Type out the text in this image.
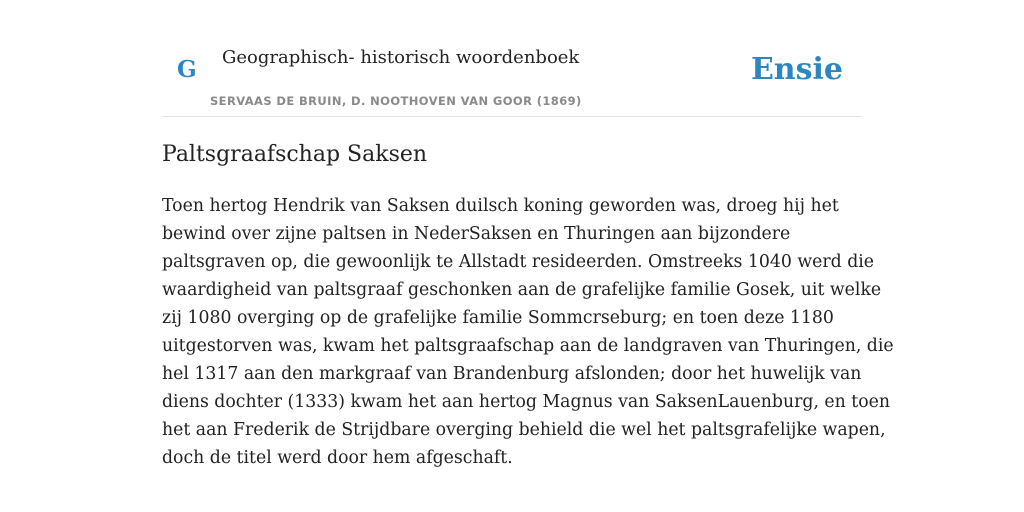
G Geographisch- historisch woordenboek
SERVAAS DE BRUIN, D. NOOTHOVEN VAN GOOR (1869)
Ensie
Paltsgraafschap Saksen
Toen hertog Hendrik van Saksen duilsch koning geworden was, droeg hij het
bewind over zijne paltsen in NederSaksen en Thuringen aan bijzondere
paltsgraven op, die gewoonlijk te Allstadt resideerden. Omstreeks 1040 werd die
waardigheid van paltsgraaf geschonken aan de grafelijke familie Gosek, uit welke
zij 1080 overging op de grafelijke familie Sommcrseburg; en toen deze 1180
uitgestorven was, kwam het paltsgraafschap aan de landgraven van Thuringen, die
hel 1317 aan den markgraaf van Brandenburg afslonden; door het huwelijk van
diens dochter (1333) kwam het aan hertog Magnus van SaksenLauenburg, en toen
het aan Frederik de Strijdbare overging behield die wel het paltsgrafelijke wapen,
doch de titel werd door hem afgeschaft.
